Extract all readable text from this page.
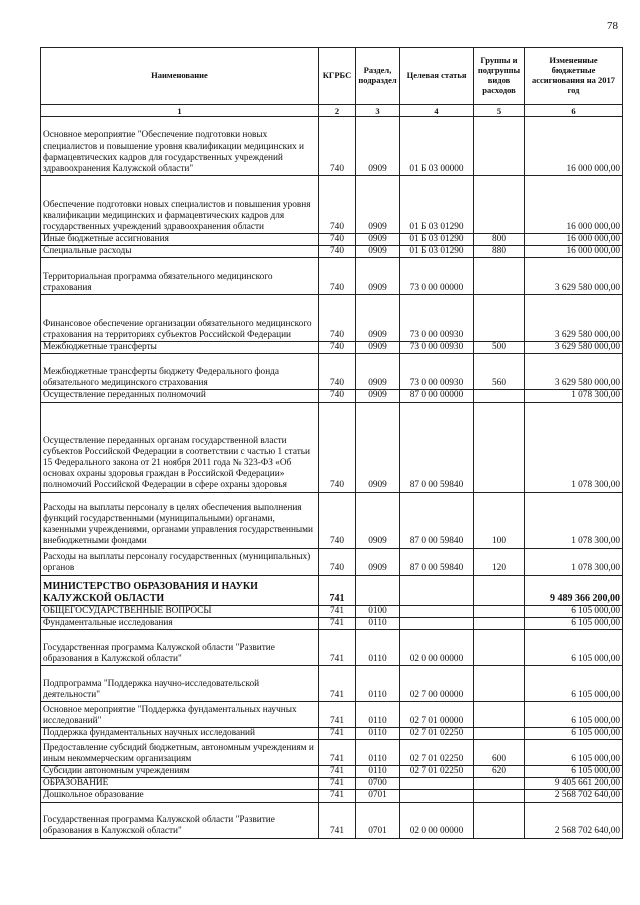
78
Наименование	КГРБС	Раздел, подраздел	Целевая статья	Группы и подгруппы видов расходов	Измененные бюджетные ассигнования на 2017 год
1	2	3	4	5	6
Основное мероприятие "Обеспечение подготовки новых специалистов и повышение уровня квалификации медицинских и фармацевтических кадров для государственных учреждений здравоохранения Калужской области"	740	0909	01 Б 03 00000		16 000 000,00
Обеспечение подготовки новых специалистов и повышения уровня квалификации медицинских и фармацевтических кадров для государственных учреждений здравоохранения области	740	0909	01 Б 03 01290		16 000 000,00
Иные бюджетные ассигнования	740	0909	01 Б 03 01290	800	16 000 000,00
Специальные расходы	740	0909	01 Б 03 01290	880	16 000 000,00
Территориальная программа обязательного медицинского страхования	740	0909	73 0 00 00000		3 629 580 000,00
Финансовое обеспечение организации обязательного медицинского страхования на территориях субъектов Российской Федерации	740	0909	73 0 00 00930		3 629 580 000,00
Межбюджетные трансферты	740	0909	73 0 00 00930	500	3 629 580 000,00
Межбюджетные трансферты бюджету Федерального фонда обязательного медицинского страхования	740	0909	73 0 00 00930	560	3 629 580 000,00
Осуществление переданных полномочий	740	0909	87 0 00 00000		1 078 300,00
Осуществление переданных органам государственной власти субъектов Российской Федерации в соответствии с частью 1 статьи 15 Федерального закона от 21 ноября 2011 года № 323-ФЗ «Об основах охраны здоровья граждан в Российской Федерации» полномочий Российской Федерации в сфере охраны здоровья	740	0909	87 0 00 59840		1 078 300,00
Расходы на выплаты персоналу в целях обеспечения выполнения функций государственными (муниципальными) органами, казенными учреждениями, органами управления государственными внебюджетными фондами	740	0909	87 0 00 59840	100	1 078 300,00
Расходы на выплаты персоналу государственных (муниципальных) органов	740	0909	87 0 00 59840	120	1 078 300,00
МИНИСТЕРСТВО ОБРАЗОВАНИЯ И НАУКИ КАЛУЖСКОЙ ОБЛАСТИ	741				9 489 366 200,00
ОБЩЕГОСУДАРСТВЕННЫЕ ВОПРОСЫ	741	0100			6 105 000,00
Фундаментальные исследования	741	0110			6 105 000,00
Государственная программа Калужской области "Развитие образования в Калужской области"	741	0110	02 0 00 00000		6 105 000,00
Подпрограмма "Поддержка научно-исследовательской деятельности"	741	0110	02 7 00 00000		6 105 000,00
Основное мероприятие "Поддержка фундаментальных научных исследований"	741	0110	02 7 01 00000		6 105 000,00
Поддержка фундаментальных научных исследований	741	0110	02 7 01 02250		6 105 000,00
Предоставление субсидий бюджетным, автономным учреждениям и иным некоммерческим организациям	741	0110	02 7 01 02250	600	6 105 000,00
Субсидии автономным учреждениям	741	0110	02 7 01 02250	620	6 105 000,00
ОБРАЗОВАНИЕ	741	0700			9 405 661 200,00
Дошкольное образование	741	0701			2 568 702 640,00
Государственная программа Калужской области "Развитие образования в Калужской области"	741	0701	02 0 00 00000		2 568 702 640,00
